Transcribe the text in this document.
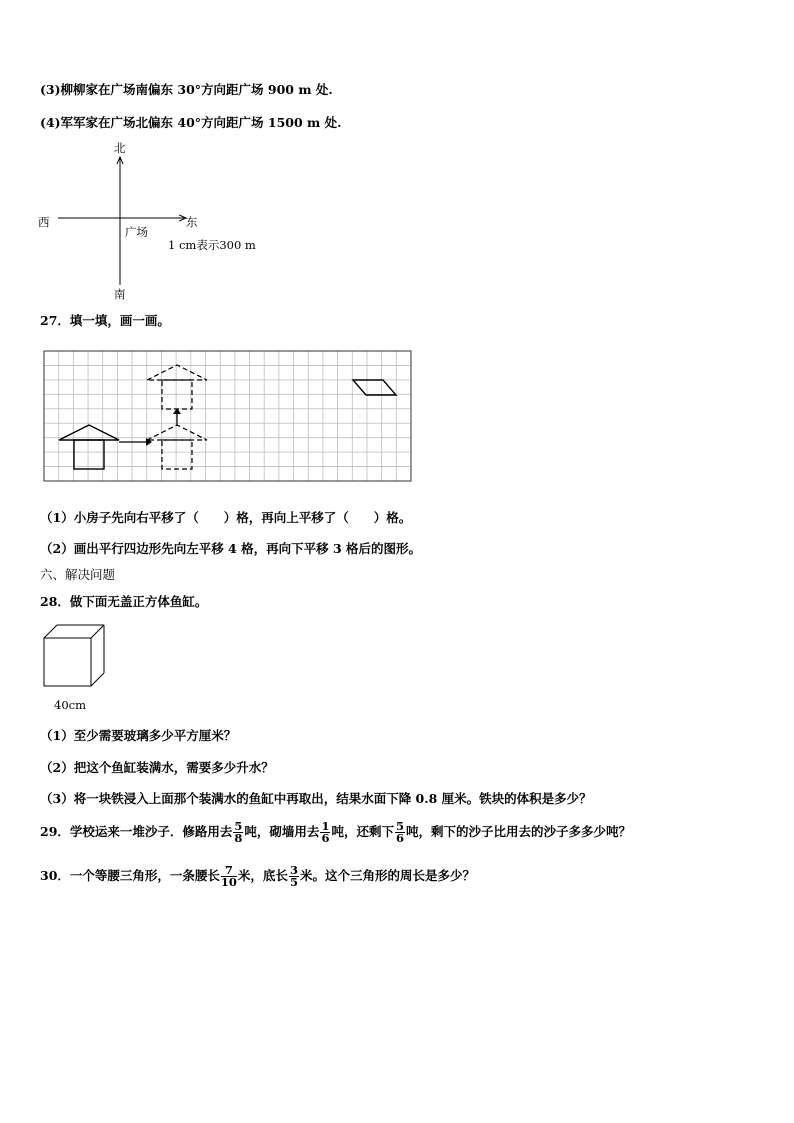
(3)柳柳家在广场南偏东 30°方向距广场 900 m 处.
(4)军军家在广场北偏东 40°方向距广场 1500 m 处.
北
南
西	东
广场
1 cm表示300 m
27．填一填，画一画。
（1）小房子先向右平移了（　　）格，再向上平移了（　　）格。
（2）画出平行四边形先向左平移 4 格，再向下平移 3 格后的图形。
六、解决问题
28．做下面无盖正方体鱼缸。
40cm
（1）至少需要玻璃多少平方厘米？
（2）把这个鱼缸装满水，需要多少升水？
（3）将一块铁浸入上面那个装满水的鱼缸中再取出，结果水面下降 0.8 厘米。铁块的体积是多少？
29．学校运来一堆沙子．修路用去 $\frac{5}{8}$ 吨，砌墙用去 $\frac{1}{6}$ 吨，还剩下 $\frac{5}{6}$ 吨，剩下的沙子比用去的沙子多多少吨？
30．一个等腰三角形，一条腰长 $\frac{7}{10}$ 米，底长 $\frac{3}{5}$ 米。这个三角形的周长是多少？
